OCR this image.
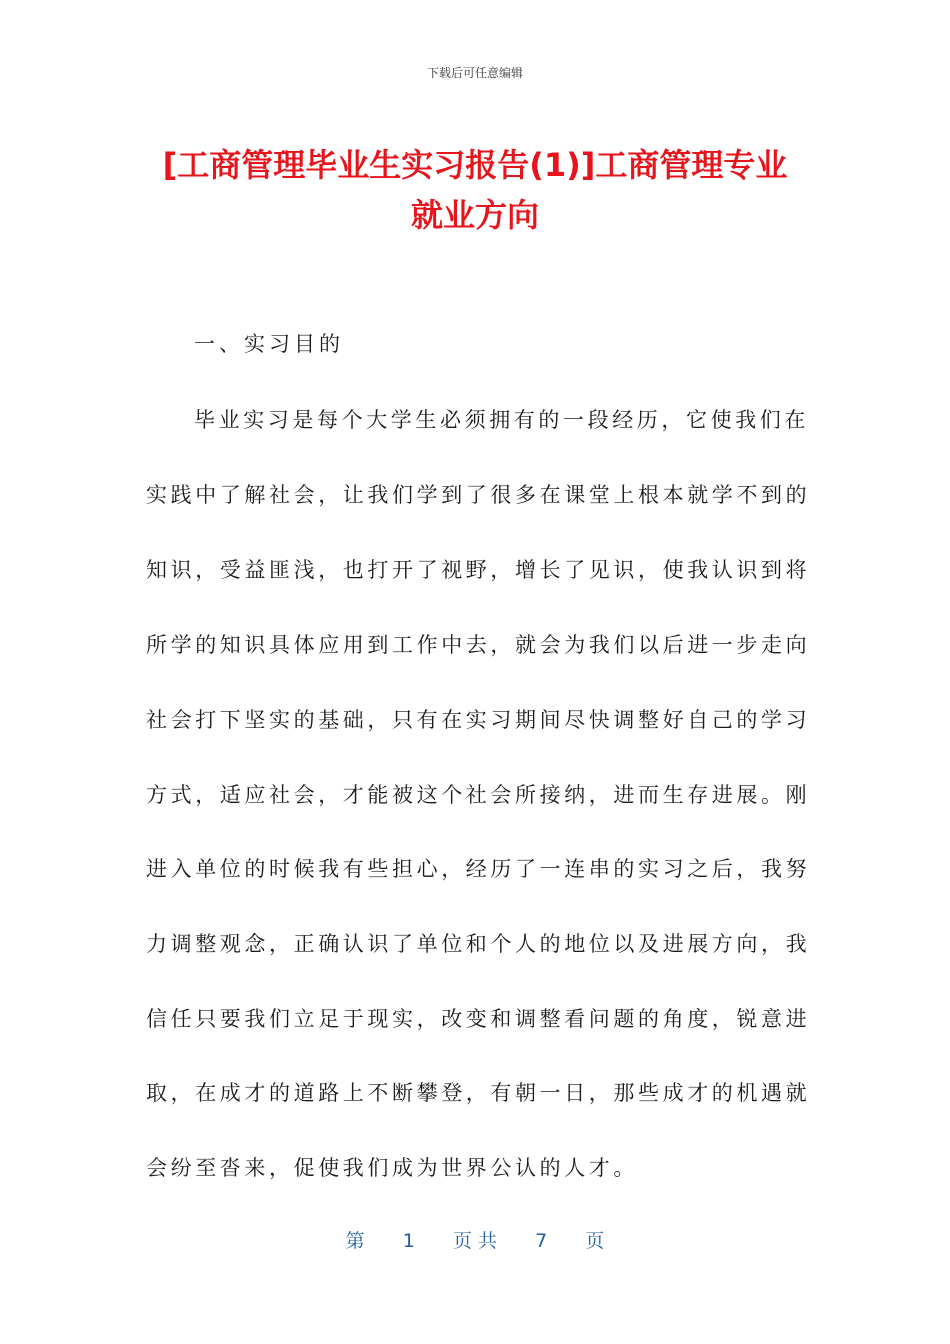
下载后可任意编辑
[工商管理毕业生实习报告(1)]工商管理专业
就业方向
一、实习目的
毕业实习是每个大学生必须拥有的一段经历，它使我们在
实践中了解社会，让我们学到了很多在课堂上根本就学不到的
知识，受益匪浅，也打开了视野，增长了见识，使我认识到将
所学的知识具体应用到工作中去，就会为我们以后进一步走向
社会打下坚实的基础，只有在实习期间尽快调整好自己的学习
方式，适应社会，才能被这个社会所接纳，进而生存进展。刚
进入单位的时候我有些担心，经历了一连串的实习之后，我努
力调整观念，正确认识了单位和个人的地位以及进展方向，我
信任只要我们立足于现实，改变和调整看问题的角度，锐意进
取，在成才的道路上不断攀登，有朝一日，那些成才的机遇就
会纷至沓来，促使我们成为世界公认的人才。
第 1 页 共 7 页
